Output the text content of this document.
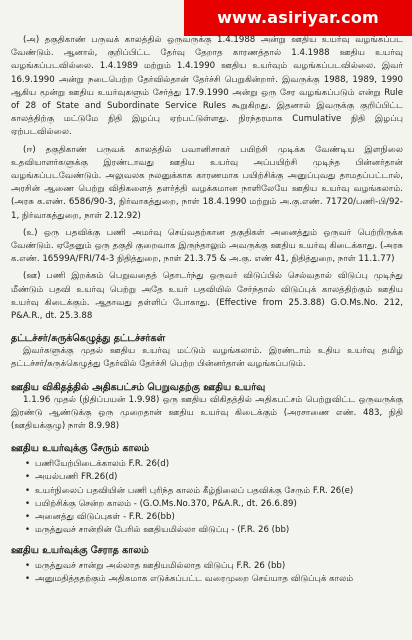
www.asiriyar.com

(அ) தகுதிகாண் பருவக் காலத்தில் ஒருவருக்கு 1.4.1988 அன்று ஊதிய உயர்வு வழங்கப்பட வேண்டும். ஆனால், குறிப்பிட்ட தேர்வு தேறாத காரணத்தால் 1.4.1988 ஊதிய உயர்வு வழங்கப்படவில்லை. 1.4.1989 மற்றும் 1.4.1990 ஊதிய உயர்வும் வழங்கப்படவில்லை. இவர் 16.9.1990 அன்று நடைபெற்ற தேர்வில்தான் தேர்ச்சி பெறுகின்றார். இவருக்கு 1988, 1989, 1990 ஆகிய மூன்று ஊதிய உயர்வுகளும் சேர்த்து 17.9.1990 அன்று ஒரு சேர வழங்கப்படும் என்று Rule of 28 of State and Subordinate Service Rules கூறுகிறது. இதனால் இவருக்கு குறிப்பிட்ட காலத்திற்கு மட்டுமே நிதி இழப்பு ஏற்பட்டுள்ளது. நிரந்தரமாக Cumulative நிதி இழப்பு ஏற்படவில்லை.

(ஈ) தகுதிகாண் பருவக் காலத்தில் பவானிசாகர் பயிற்சி முடிக்க வேண்டிய இளநிலை உதவியாளர்களுக்கு இரண்டாவது ஊதிய உயர்வு அப்பயிற்சி முடிந்த பின்னர்தான் வழங்கப்படவேண்டும். அலுவலக நலனுக்காக காரணமாக பயிற்சிக்கு அனுப்புவது தாமதப்பட்டால், அரசின் ஆணை பெற்று விதிகளைத் தளர்த்தி வழக்கமான நாளிலேயே ஊதிய உயர்வு வழங்கலாம். (அரசு க.எண். 6586/90-3, நிர்வாகத்துறை, நாள் 18.4.1990 மற்றும் அ.கு.எண். 71720/பணி-பி/92-1, நிர்வாகத்துறை, நாள் 2.12.92)

(உ) ஒரு பதவிக்கு பணி அமர்வு செய்வதற்கான தகுதிகள் அனைத்தும் ஒருவர் பெற்றிருக்க வேண்டும். ஏதேனும் ஒரு தகுதி குறைவாக இருந்தாலும் அவருக்கு ஊதிய உயர்வு கிடைக்காது. (அரசு க.எண். 16599A/FRI/74-3 நிதித்துறை, நாள் 21.3.75 & அ.கு. எண் 41, நிதித்துறை, நாள் 11.1.77)

(ஊ) பணி இறக்கம் பெறுவதைத் தொடர்ந்து ஒருவர் விடுப்பில் செல்வதால் விடுப்பு முடிந்து மீண்டும் பதவி உயர்வு பெற்று அதே உயர் பதவியில் சேர்ந்தால் விடுப்புக் காலத்திற்கும் ஊதிய உயர்வு கிடைக்கும். ஆதாவது தள்ளிப் போகாது. (Effective from 25.3.88) G.O.Ms.No. 212, P&A.R., dt. 25.3.88

தட்டச்சர்/சுருக்கெழுத்து தட்டச்சர்கள்

இவர்களுக்கு முதல் ஊதிய உயர்வு மட்டும் வழங்கலாம். இரண்டாம் உதிய உயர்வு தமிழ் தட்டச்சர்/சுருக்கெழுத்து தேர்வில் தேர்ச்சி பெற்ற பின்னர்தான் வழங்கப்படும்.

ஊதிய விகிதத்தில் அதிகபட்சம் பெறுவதற்கு ஊதிய உயர்வு

1.1.96 முதல் (நிதிப்பயன் 1.9.98) ஒரு ஊதிய விகிதத்தில் அதிகபட்சம் பெற்றுவிட்ட ஒருவருக்கு இரண்டு ஆண்டுக்கு ஒரு முறைதான் ஊதிய உயர்வு கிடைக்கும் (அரசாணை எண். 483, நிதி (ஊதியக்குழு) நாள் 8.9.98)

ஊதிய உயர்வுக்கு சேரும் காலம்
• பணியேற்பிடைக்காலம் F.R. 26(d)
• அயல்பணி FR.26(d)
• உயர்நிலைப் பதவியின் பணி புரிந்த காலம் கீழ்நிலைப் பதவிக்கு சேரும் F.R. 26(e)
• பயிற்சிக்கு சென்ற காலம் - (G.O.Ms.No.370, P&A.R., dt. 26.6.89)
• அனைத்து விடுப்புகள் - F.R. 26(bb)
• மருத்துவச் சான்றின் பேரில் ஊதியமில்லா விடுப்பு - (F.R. 26 (bb)
ஊதிய உயர்வுக்கு சேராத காலம்
• மருத்துவச் சான்று அல்லாத ஊதியமில்லாத விடுப்பு F.R. 26 (bb)
• அனுமதித்ததற்கும் அதிகமாக எடுக்கப்பட்ட வரைமுறை செய்யாத விடுப்புக் காலம்
